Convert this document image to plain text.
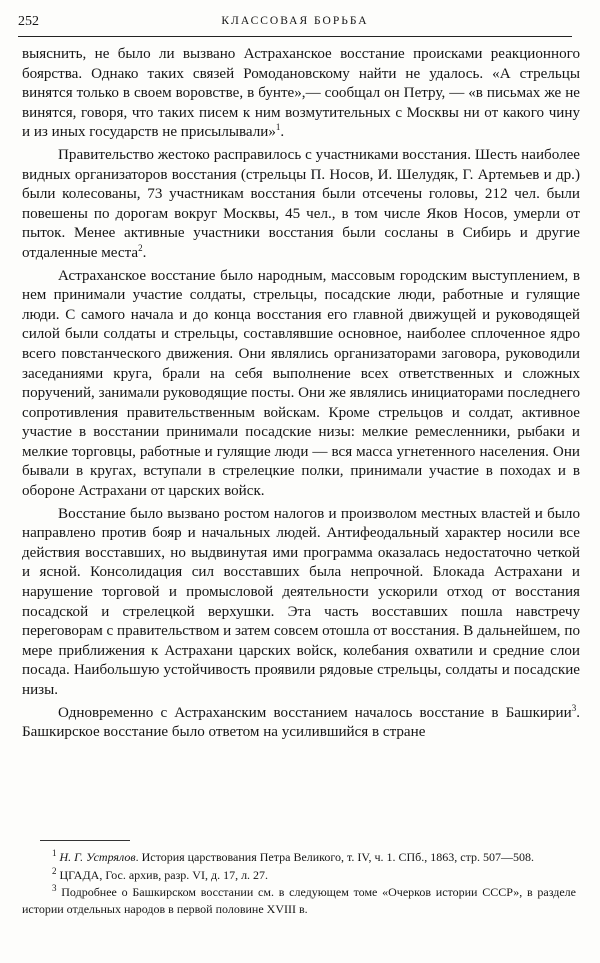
252	КЛАССОВАЯ БОРЬБА

выяснить, не было ли вызвано Астраханское восстание происками реакционного боярства. Однако таких связей Ромодановскому найти не удалось. «А стрельцы винятся только в своем воровстве, в бунте»,— сообщал он Петру, — «в письмах же не винятся, говоря, что таких писем к ним возмутительных с Москвы ни от какого чину и из иных государств не присылывали»$^1$.

Правительство жестоко расправилось с участниками восстания. Шесть наиболее видных организаторов восстания (стрельцы П. Носов, И. Шелудяк, Г. Артемьев и др.) были колесованы, 73 участникам восстания были отсечены головы, 212 чел. были повешены по дорогам вокруг Москвы, 45 чел., в том числе Яков Носов, умерли от пыток. Менее активные участники восстания были сосланы в Сибирь и другие отдаленные места$^2$.

Астраханское восстание было народным, массовым городским выступлением, в нем принимали участие солдаты, стрельцы, посадские люди, работные и гулящие люди. С самого начала и до конца восстания его главной движущей и руководящей силой были солдаты и стрельцы, составлявшие основное, наиболее сплоченное ядро всего повстанческого движения. Они являлись организаторами заговора, руководили заседаниями круга, брали на себя выполнение всех ответственных и сложных поручений, занимали руководящие посты. Они же являлись инициаторами последнего сопротивления правительственным войскам. Кроме стрельцов и солдат, активное участие в восстании принимали посадские низы: мелкие ремесленники, рыбаки и мелкие торговцы, работные и гулящие люди — вся масса угнетенного населения. Они бывали в кругах, вступали в стрелецкие полки, принимали участие в походах и в обороне Астрахани от царских войск.

Восстание было вызвано ростом налогов и произволом местных властей и было направлено против бояр и начальных людей. Антифеодальный характер носили все действия восставших, но выдвинутая ими программа оказалась недостаточно четкой и ясной. Консолидация сил восставших была непрочной. Блокада Астрахани и нарушение торговой и промысловой деятельности ускорили отход от восстания посадской и стрелецкой верхушки. Эта часть восставших пошла навстречу переговорам с правительством и затем совсем отошла от восстания. В дальнейшем, по мере приближения к Астрахани царских войск, колебания охватили и средние слои посада. Наибольшую устойчивость проявили рядовые стрельцы, солдаты и посадские низы.

Одновременно с Астраханским восстанием началось восстание в Башкирии$^3$. Башкирское восстание было ответом на усилившийся в стране

$^1$ Н. Г. Устрялов. История царствования Петра Великого, т. IV, ч. 1. СПб., 1863, стр. 507—508.

$^2$ ЦГАДА, Гос. архив, разр. VI, д. 17, л. 27.

$^3$ Подробнее о Башкирском восстании см. в следующем томе «Очерков истории СССР», в разделе истории отдельных народов в первой половине XVIII в.
